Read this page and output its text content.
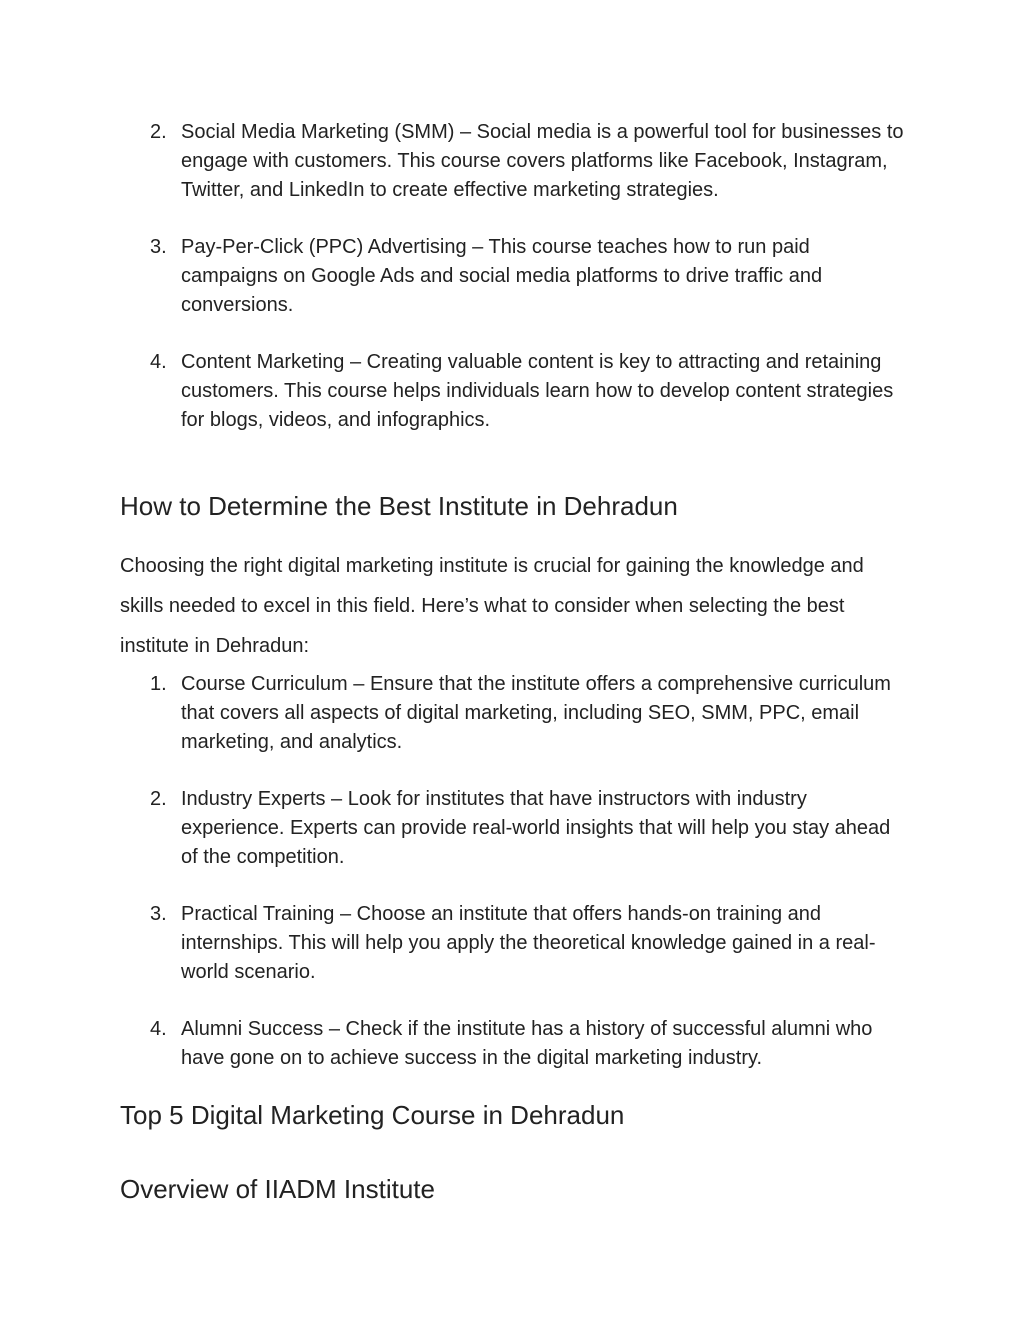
2. Social Media Marketing (SMM) – Social media is a powerful tool for businesses to engage with customers. This course covers platforms like Facebook, Instagram, Twitter, and LinkedIn to create effective marketing strategies.
3. Pay-Per-Click (PPC) Advertising – This course teaches how to run paid campaigns on Google Ads and social media platforms to drive traffic and conversions.
4. Content Marketing – Creating valuable content is key to attracting and retaining customers. This course helps individuals learn how to develop content strategies for blogs, videos, and infographics.
How to Determine the Best Institute in Dehradun

Choosing the right digital marketing institute is crucial for gaining the knowledge and skills needed to excel in this field. Here’s what to consider when selecting the best institute in Dehradun:

1. Course Curriculum – Ensure that the institute offers a comprehensive curriculum that covers all aspects of digital marketing, including SEO, SMM, PPC, email marketing, and analytics.
2. Industry Experts – Look for institutes that have instructors with industry experience. Experts can provide real-world insights that will help you stay ahead of the competition.
3. Practical Training – Choose an institute that offers hands-on training and internships. This will help you apply the theoretical knowledge gained in a real-world scenario.
4. Alumni Success – Check if the institute has a history of successful alumni who have gone on to achieve success in the digital marketing industry.
Top 5 Digital Marketing Course in Dehradun
Overview of IIADM Institute
